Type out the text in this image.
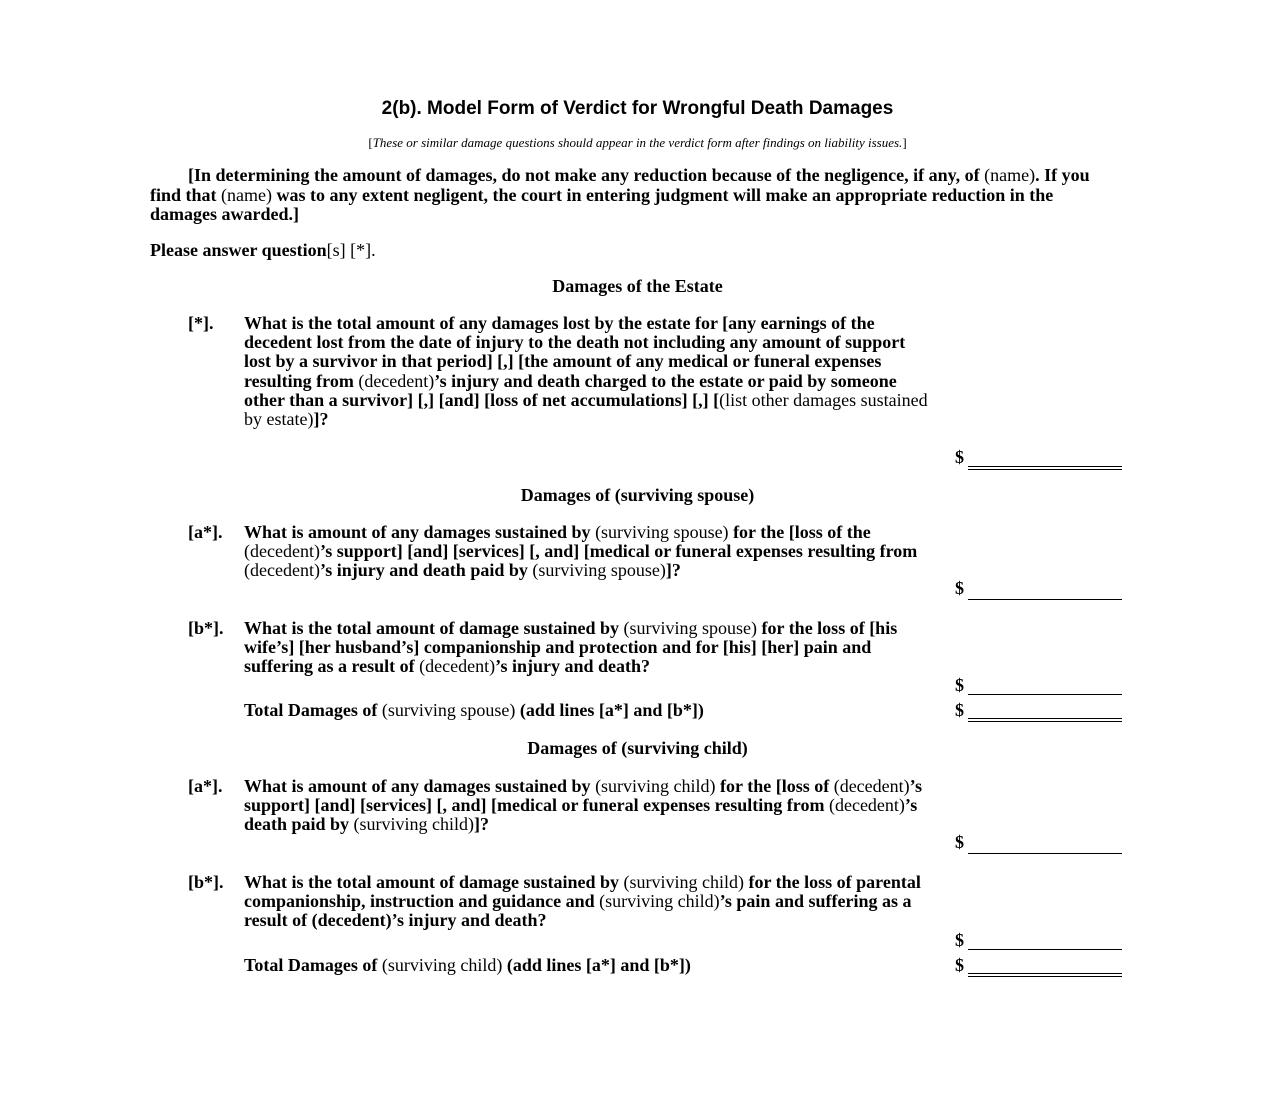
2(b). Model Form of Verdict for Wrongful Death Damages
[These or similar damage questions should appear in the verdict form after findings on liability issues.]
[In determining the amount of damages, do not make any reduction because of the negligence, if any, of (name). If you find that (name) was to any extent negligent, the court in entering judgment will make an appropriate reduction in the damages awarded.]
Please answer question[s] [*].
Damages of the Estate
[*]. What is the total amount of any damages lost by the estate for [any earnings of the decedent lost from the date of injury to the death not including any amount of support lost by a survivor in that period] [,] [the amount of any medical or funeral expenses resulting from (decedent)’s injury and death charged to the estate or paid by someone other than a survivor] [,] [and] [loss of net accumulations] [,] [(list other damages sustained by estate)]?
$
Damages of (surviving spouse)
[a*]. What is amount of any damages sustained by (surviving spouse) for the [loss of the (decedent)’s support] [and] [services] [, and] [medical or funeral expenses resulting from (decedent)’s injury and death paid by (surviving spouse)]?
$
[b*]. What is the total amount of damage sustained by (surviving spouse) for the loss of [his wife’s] [her husband’s] companionship and protection and for [his] [her] pain and suffering as a result of (decedent)’s injury and death?
$
Total Damages of (surviving spouse) (add lines [a*] and [b*])	$
Damages of (surviving child)
[a*]. What is amount of any damages sustained by (surviving child) for the [loss of (decedent)’s support] [and] [services] [, and] [medical or funeral expenses resulting from (decedent)’s death paid by (surviving child)]?
$
[b*]. What is the total amount of damage sustained by (surviving child) for the loss of parental companionship, instruction and guidance and (surviving child)’s pain and suffering as a result of (decedent)’s injury and death?
$
Total Damages of (surviving child) (add lines [a*] and [b*])	$
